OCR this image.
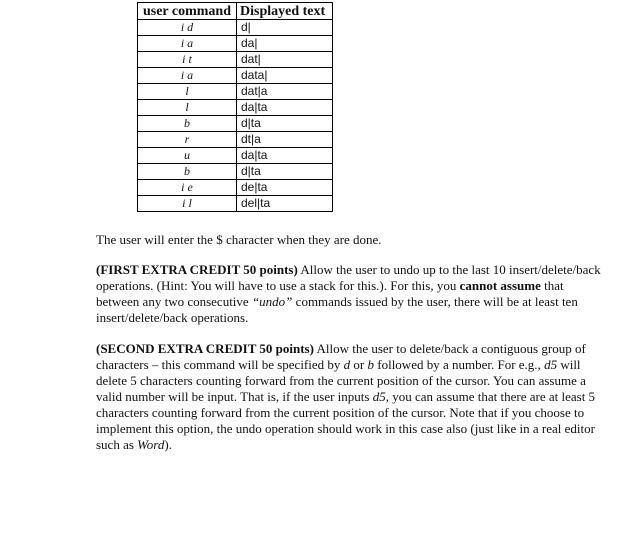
user command	Displayed text
i d	d|
i a	da|
i t	dat|
i a	data|
l	dat|a
l	da|ta
b	d|ta
r	dt|a
u	da|ta
b	d|ta
i e	de|ta
i l	del|ta

The user will enter the $ character when they are done.

(FIRST EXTRA CREDIT 50 points) Allow the user to undo up to the last 10 insert/delete/back operations. (Hint: You will have to use a stack for this.). For this, you cannot assume that between any two consecutive “undo” commands issued by the user, there will be at least ten insert/delete/back operations.

(SECOND EXTRA CREDIT 50 points) Allow the user to delete/back a contiguous group of characters – this command will be specified by d or b followed by a number. For e.g., d5 will delete 5 characters counting forward from the current position of the cursor. You can assume a valid number will be input. That is, if the user inputs d5, you can assume that there are at least 5 characters counting forward from the current position of the cursor. Note that if you choose to implement this option, the undo operation should work in this case also (just like in a real editor such as Word).
